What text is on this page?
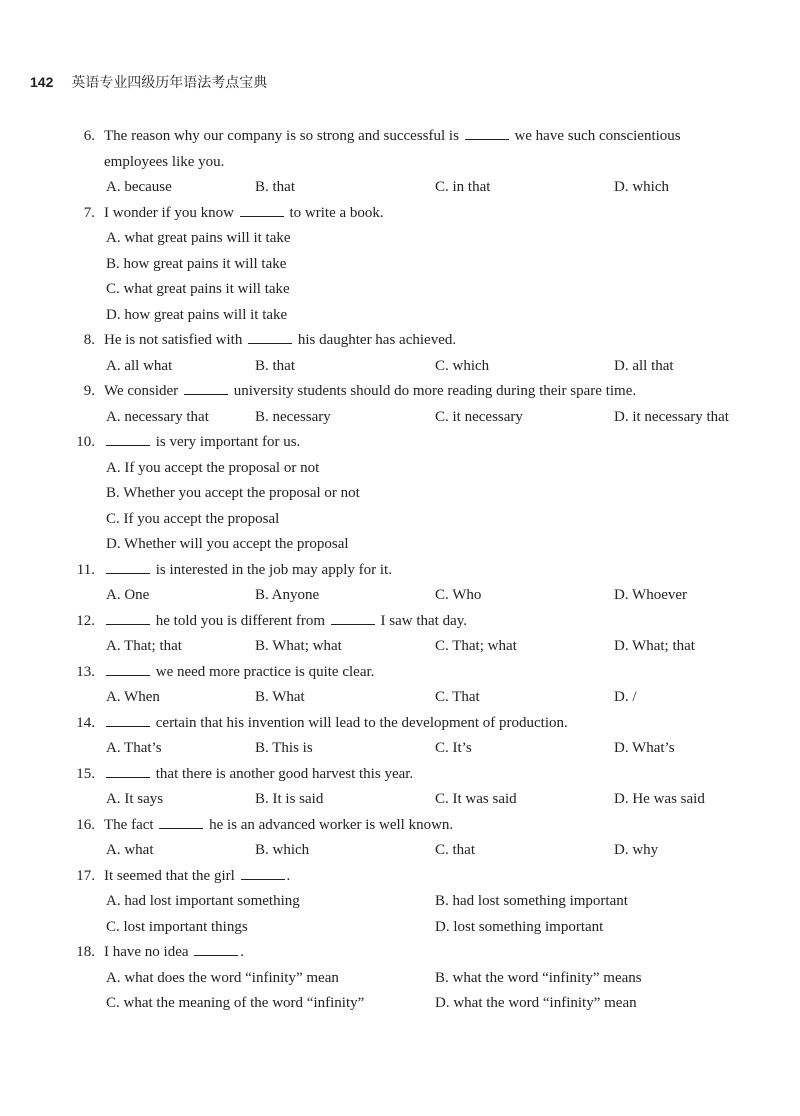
142 英语专业四级历年语法考点宝典
6. The reason why our company is so strong and successful is	we have such conscientious
employees like you.
A. because	B. that	C. in that	D. which
7. I wonder if you know	to write a book.
A. what great pains will it take
B. how great pains it will take
C. what great pains it will take
D. how great pains will it take
8. He is not satisfied with	his daughter has achieved.
A. all what	B. that	C. which	D. all that
9. We consider	university students should do more reading during their spare time.
A. necessary that	B. necessary	C. it necessary	D. it necessary that
10.	is very important for us.
A. If you accept the proposal or not
B. Whether you accept the proposal or not
C. If you accept the proposal
D. Whether will you accept the proposal
11.	is interested in the job may apply for it.
A. One	B. Anyone	C. Who	D. Whoever
12.	he told you is different from	I saw that day.
A. That; that	B. What; what	C. That; what	D. What; that
13.	we need more practice is quite clear.
A. When	B. What	C. That	D. /
14.	certain that his invention will lead to the development of production.
A. That’s	B. This is	C. It’s	D. What’s
15.	that there is another good harvest this year.
A. It says	B. It is said	C. It was said	D. He was said
16. The fact	he is an advanced worker is well known.
A. what	B. which	C. that	D. why
17. It seemed that the girl	.
A. had lost important something	B. had lost something important
C. lost important things	D. lost something important
18. I have no idea	.
A. what does the word “infinity” mean	B. what the word “infinity” means
C. what the meaning of the word “infinity”	D. what the word “infinity” mean
